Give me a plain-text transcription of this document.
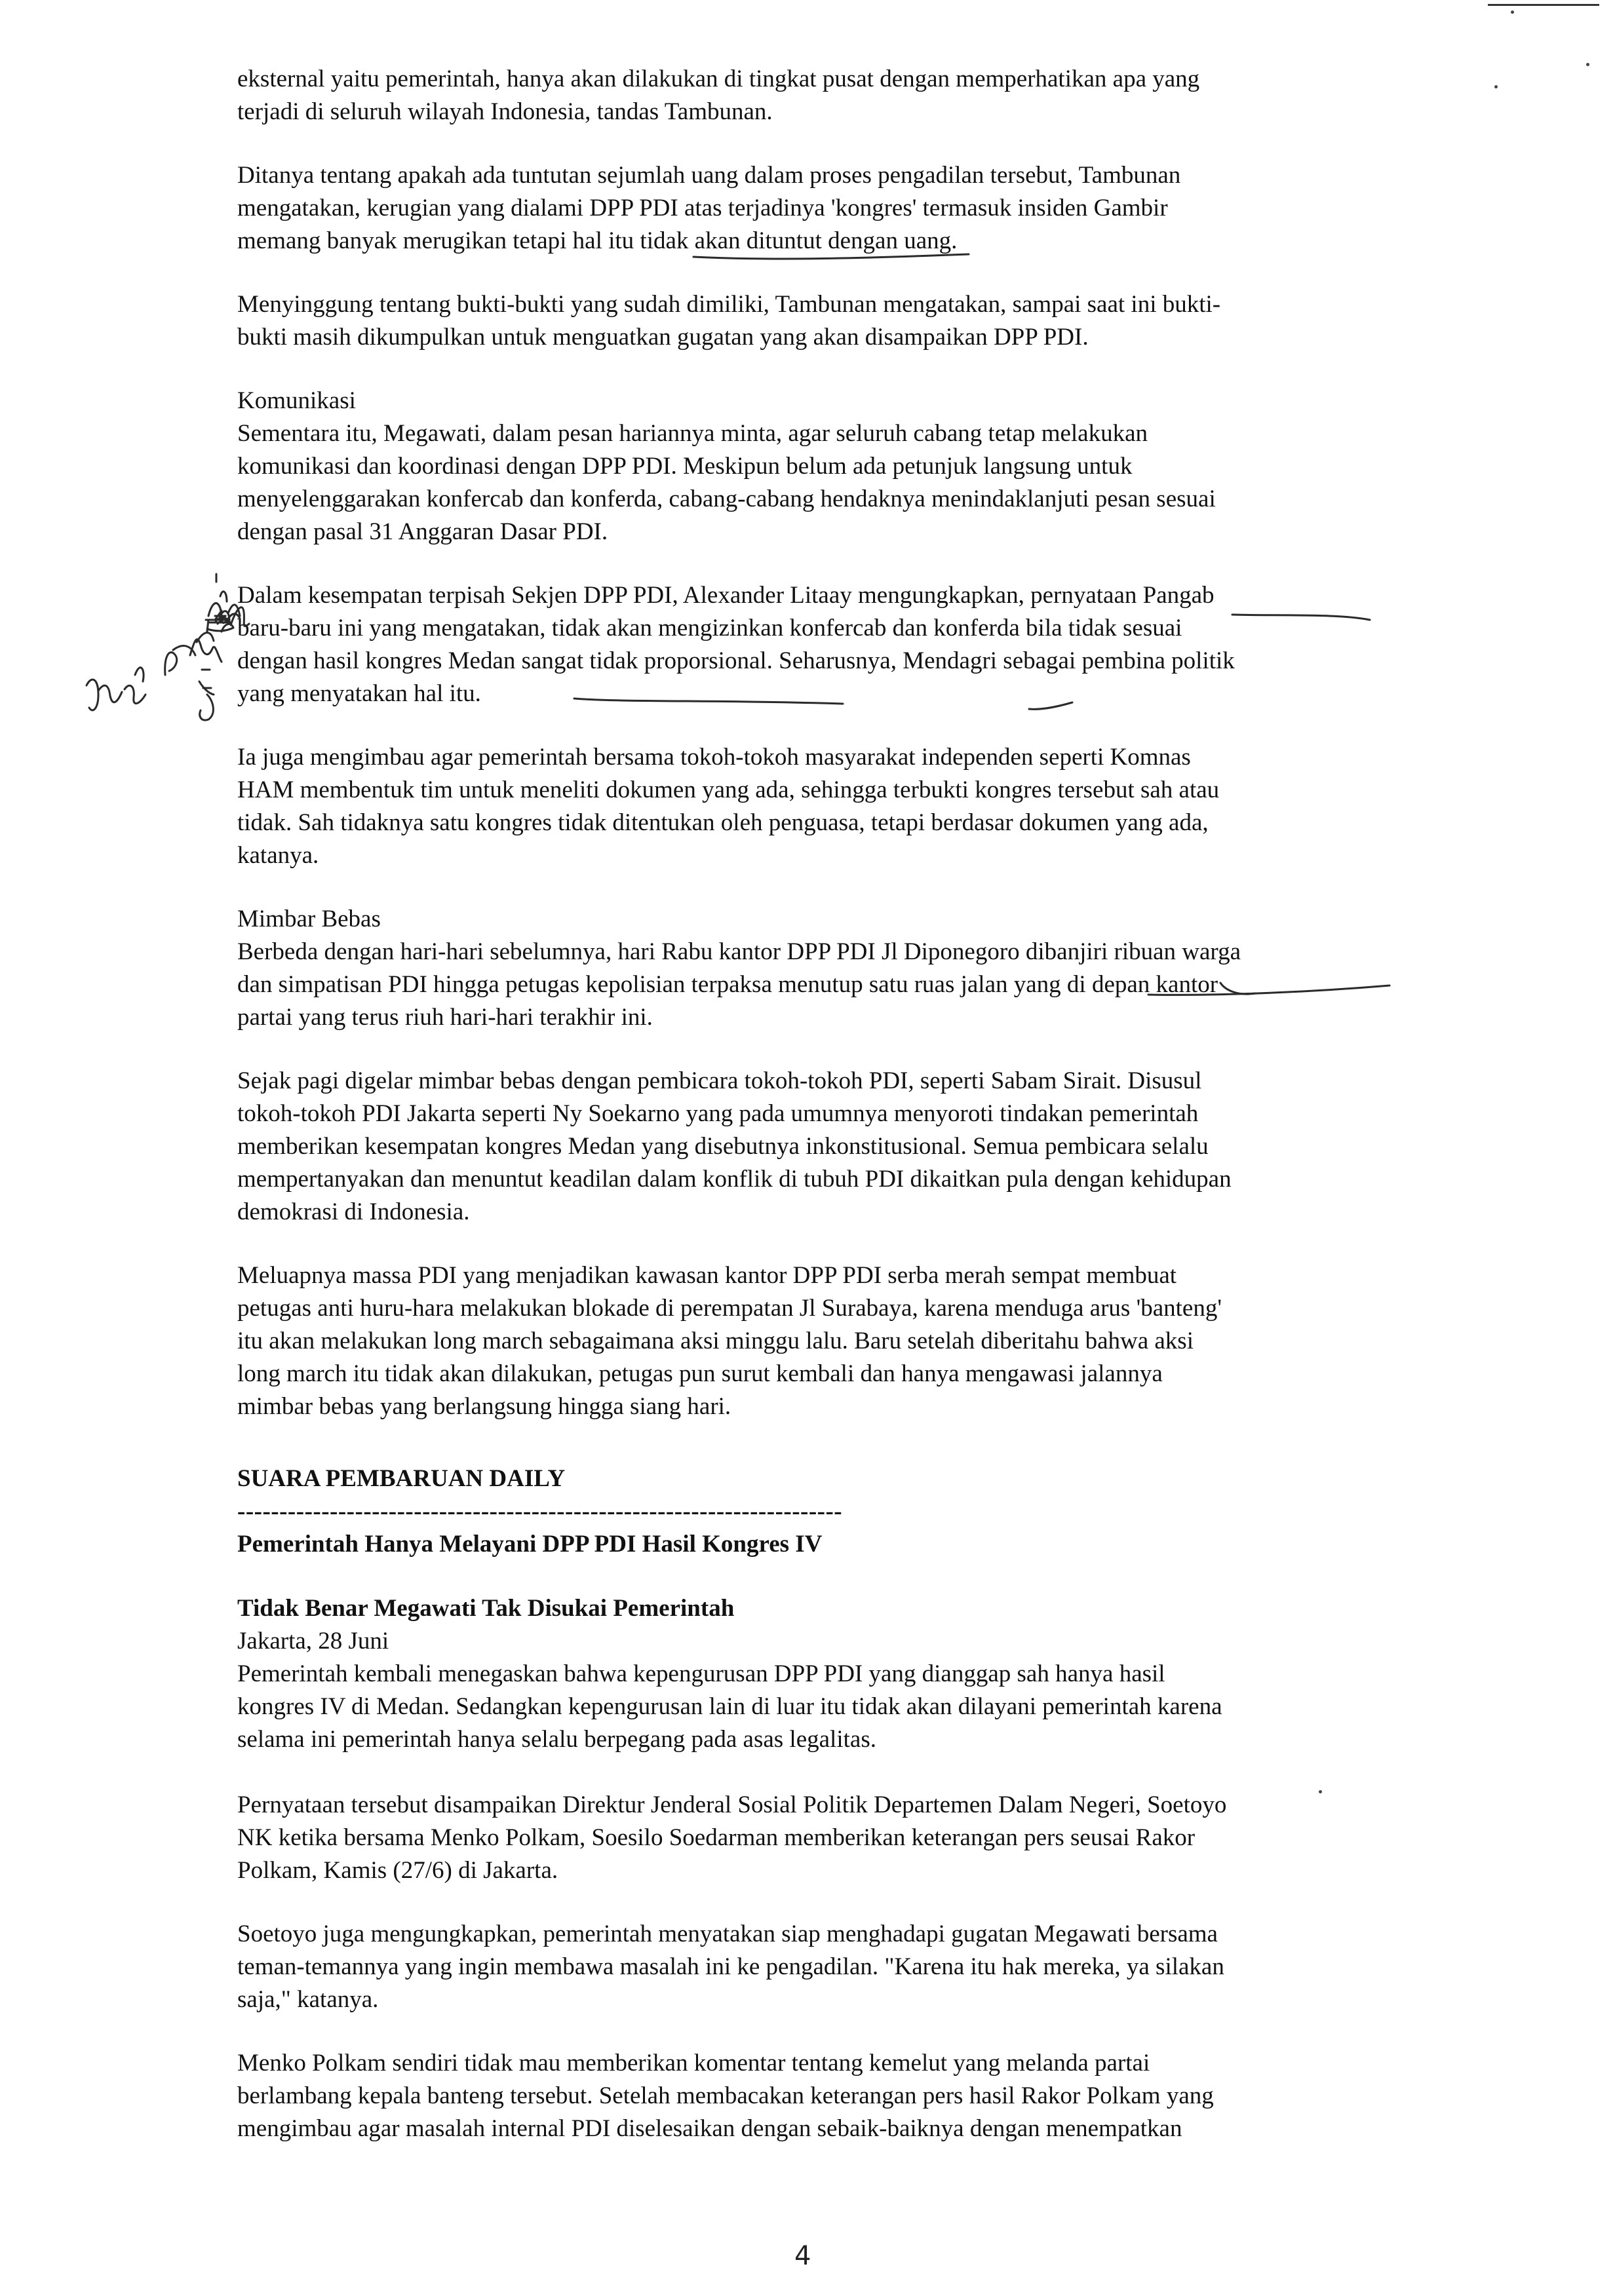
eksternal yaitu pemerintah, hanya akan dilakukan di tingkat pusat dengan memperhatikan apa yang
terjadi di seluruh wilayah Indonesia, tandas Tambunan.
Ditanya tentang apakah ada tuntutan sejumlah uang dalam proses pengadilan tersebut, Tambunan
mengatakan, kerugian yang dialami DPP PDI atas terjadinya 'kongres' termasuk insiden Gambir
memang banyak merugikan tetapi hal itu tidak akan dituntut dengan uang.
Menyinggung tentang bukti-bukti yang sudah dimiliki, Tambunan mengatakan, sampai saat ini bukti-
bukti masih dikumpulkan untuk menguatkan gugatan yang akan disampaikan DPP PDI.
Komunikasi
Sementara itu, Megawati, dalam pesan hariannya minta, agar seluruh cabang tetap melakukan
komunikasi dan koordinasi dengan DPP PDI. Meskipun belum ada petunjuk langsung untuk
menyelenggarakan konfercab dan konferda, cabang-cabang hendaknya menindaklanjuti pesan sesuai
dengan pasal 31 Anggaran Dasar PDI.
Dalam kesempatan terpisah Sekjen DPP PDI, Alexander Litaay mengungkapkan, pernyataan Pangab
baru-baru ini yang mengatakan, tidak akan mengizinkan konfercab dan konferda bila tidak sesuai
dengan hasil kongres Medan sangat tidak proporsional. Seharusnya, Mendagri sebagai pembina politik
yang menyatakan hal itu.
Ia juga mengimbau agar pemerintah bersama tokoh-tokoh masyarakat independen seperti Komnas
HAM membentuk tim untuk meneliti dokumen yang ada, sehingga terbukti kongres tersebut sah atau
tidak. Sah tidaknya satu kongres tidak ditentukan oleh penguasa, tetapi berdasar dokumen yang ada,
katanya.
Mimbar Bebas
Berbeda dengan hari-hari sebelumnya, hari Rabu kantor DPP PDI Jl Diponegoro dibanjiri ribuan warga
dan simpatisan PDI hingga petugas kepolisian terpaksa menutup satu ruas jalan yang di depan kantor
partai yang terus riuh hari-hari terakhir ini.
Sejak pagi digelar mimbar bebas dengan pembicara tokoh-tokoh PDI, seperti Sabam Sirait. Disusul
tokoh-tokoh PDI Jakarta seperti Ny Soekarno yang pada umumnya menyoroti tindakan pemerintah
memberikan kesempatan kongres Medan yang disebutnya inkonstitusional. Semua pembicara selalu
mempertanyakan dan menuntut keadilan dalam konflik di tubuh PDI dikaitkan pula dengan kehidupan
demokrasi di Indonesia.
Meluapnya massa PDI yang menjadikan kawasan kantor DPP PDI serba merah sempat membuat
petugas anti huru-hara melakukan blokade di perempatan Jl Surabaya, karena menduga arus 'banteng'
itu akan melakukan long march sebagaimana aksi minggu lalu. Baru setelah diberitahu bahwa aksi
long march itu tidak akan dilakukan, petugas pun surut kembali dan hanya mengawasi jalannya
mimbar bebas yang berlangsung hingga siang hari.
SUARA PEMBARUAN DAILY
------------------------------------------------------------------------
Pemerintah Hanya Melayani DPP PDI Hasil Kongres IV
Tidak Benar Megawati Tak Disukai Pemerintah
Jakarta, 28 Juni
Pemerintah kembali menegaskan bahwa kepengurusan DPP PDI yang dianggap sah hanya hasil
kongres IV di Medan. Sedangkan kepengurusan lain di luar itu tidak akan dilayani pemerintah karena
selama ini pemerintah hanya selalu berpegang pada asas legalitas.
Pernyataan tersebut disampaikan Direktur Jenderal Sosial Politik Departemen Dalam Negeri, Soetoyo
NK ketika bersama Menko Polkam, Soesilo Soedarman memberikan keterangan pers seusai Rakor
Polkam, Kamis (27/6) di Jakarta.
Soetoyo juga mengungkapkan, pemerintah menyatakan siap menghadapi gugatan Megawati bersama
teman-temannya yang ingin membawa masalah ini ke pengadilan. "Karena itu hak mereka, ya silakan
saja," katanya.
Menko Polkam sendiri tidak mau memberikan komentar tentang kemelut yang melanda partai
berlambang kepala banteng tersebut. Setelah membacakan keterangan pers hasil Rakor Polkam yang
mengimbau agar masalah internal PDI diselesaikan dengan sebaik-baiknya dengan menempatkan
4
